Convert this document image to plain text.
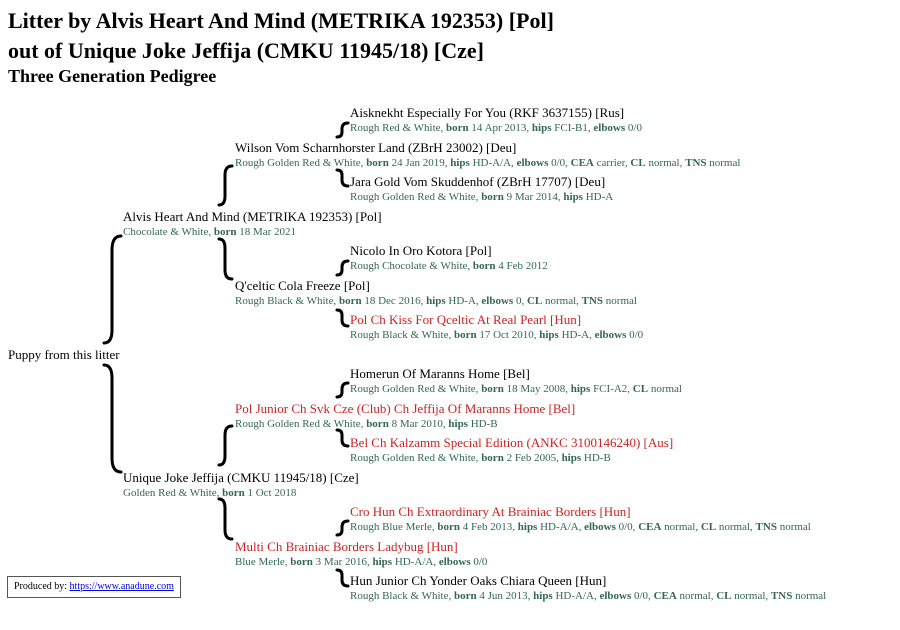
Litter by Alvis Heart And Mind (METRIKA 192353) [Pol]
out of Unique Joke Jeffija (CMKU 11945/18) [Cze]
Three Generation Pedigree
Puppy from this litter
Aisknekht Especially For You (RKF 3637155) [Rus]
Rough Red & White, born 14 Apr 2013, hips FCI-B1, elbows 0/0
Jara Gold Vom Skuddenhof (ZBrH 17707) [Deu]
Rough Golden Red & White, born 9 Mar 2014, hips HD-A
Nicolo In Oro Kotora [Pol]
Rough Chocolate & White, born 4 Feb 2012
Pol Ch Kiss For Qceltic At Real Pearl [Hun]
Rough Black & White, born 17 Oct 2010, hips HD-A, elbows 0/0
Homerun Of Maranns Home [Bel]
Rough Golden Red & White, born 18 May 2008, hips FCI-A2, CL normal
Bel Ch Kalzamm Special Edition (ANKC 3100146240) [Aus]
Rough Golden Red & White, born 2 Feb 2005, hips HD-B
Cro Hun Ch Extraordinary At Brainiac Borders [Hun]
Rough Blue Merle, born 4 Feb 2013, hips HD-A/A, elbows 0/0, CEA normal, CL normal, TNS normal
Hun Junior Ch Yonder Oaks Chiara Queen [Hun]
Rough Black & White, born 4 Jun 2013, hips HD-A/A, elbows 0/0, CEA normal, CL normal, TNS normal
Wilson Vom Scharnhorster Land (ZBrH 23002) [Deu]
Rough Golden Red & White, born 24 Jan 2019, hips HD-A/A, elbows 0/0, CEA carrier, CL normal, TNS normal
Q'celtic Cola Freeze [Pol]
Rough Black & White, born 18 Dec 2016, hips HD-A, elbows 0, CL normal, TNS normal
Pol Junior Ch Svk Cze (Club) Ch Jeffija Of Maranns Home [Bel]
Rough Golden Red & White, born 8 Mar 2010, hips HD-B
Multi Ch Brainiac Borders Ladybug [Hun]
Blue Merle, born 3 Mar 2016, hips HD-A/A, elbows 0/0
Alvis Heart And Mind (METRIKA 192353) [Pol]
Chocolate & White, born 18 Mar 2021
Unique Joke Jeffija (CMKU 11945/18) [Cze]
Golden Red & White, born 1 Oct 2018
Produced by: https://www.anadune.com
